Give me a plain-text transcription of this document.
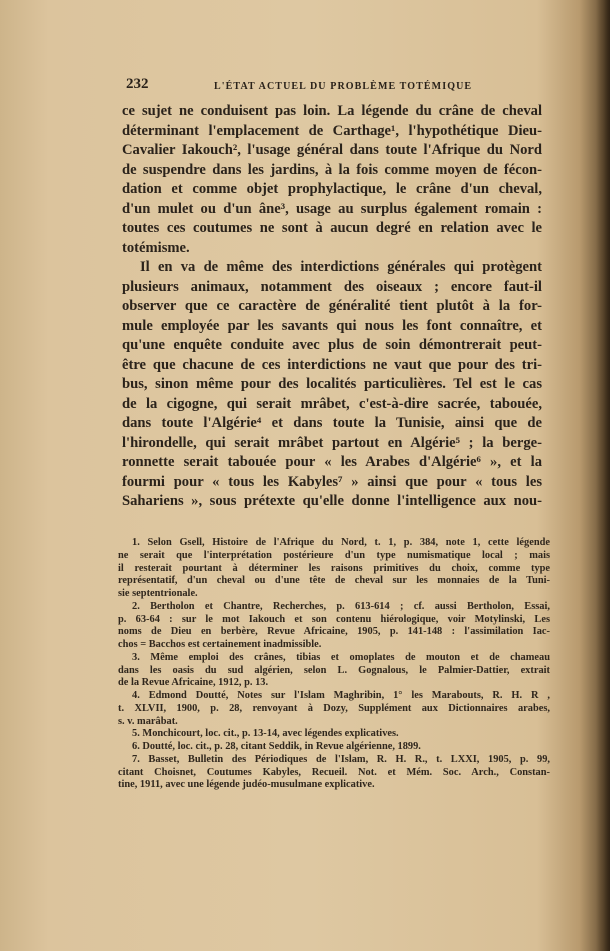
232	L'ÉTAT ACTUEL DU PROBLÈME TOTÉMIQUE
ce sujet ne conduisent pas loin. La légende du crâne de cheval
déterminant l'emplacement de Carthage¹, l'hypothétique Dieu-
Cavalier Iakouch², l'usage général dans toute l'Afrique du Nord
de suspendre dans les jardins, à la fois comme moyen de fécon-
dation et comme objet prophylactique, le crâne d'un cheval,
d'un mulet ou d'un âne³, usage au surplus également romain :
toutes ces coutumes ne sont à aucun degré en relation avec le
totémisme.
Il en va de même des interdictions générales qui protègent
plusieurs animaux, notamment des oiseaux ; encore faut-il
observer que ce caractère de généralité tient plutôt à la for-
mule employée par les savants qui nous les font connaître, et
qu'une enquête conduite avec plus de soin démontrerait peut-
être que chacune de ces interdictions ne vaut que pour des tri-
bus, sinon même pour des localités particulières. Tel est le cas
de la cigogne, qui serait mrâbet, c'est-à-dire sacrée, tabouée,
dans toute l'Algérie⁴ et dans toute la Tunisie, ainsi que de
l'hirondelle, qui serait mrâbet partout en Algérie⁵ ; la berge-
ronnette serait tabouée pour « les Arabes d'Algérie⁶ », et la
fourmi pour « tous les Kabyles⁷ » ainsi que pour « tous les
Sahariens », sous prétexte qu'elle donne l'intelligence aux nou-
1. Selon Gsell, Histoire de l'Afrique du Nord, t. 1, p. 384, note 1, cette légende
ne serait que l'interprétation postérieure d'un type numismatique local ; mais
il resterait pourtant à déterminer les raisons primitives du choix, comme type
représentatif, d'un cheval ou d'une tête de cheval sur les monnaies de la Tuni-
sie septentrionale.
2. Bertholon et Chantre, Recherches, p. 613-614 ; cf. aussi Bertholon, Essai,
p. 63-64 : sur le mot Iakouch et son contenu hiérologique, voir Motylinski, Les
noms de Dieu en berbère, Revue Africaine, 1905, p. 141-148 : l'assimilation Iac-
chos = Bacchos est certainement inadmissible.
3. Même emploi des crânes, tibias et omoplates de mouton et de chameau
dans les oasis du sud algérien, selon L. Gognalous, le Palmier-Dattier, extrait
de la Revue Africaine, 1912, p. 13.
4. Edmond Doutté, Notes sur l'Islam Maghribin, 1° les Marabouts, R. H. R ,
t. XLVII, 1900, p. 28, renvoyant à Dozy, Supplément aux Dictionnaires arabes,
s. v. marâbat.
5. Monchicourt, loc. cit., p. 13-14, avec légendes explicatives.
6. Doutté, loc. cit., p. 28, citant Seddik, in Revue algérienne, 1899.
7. Basset, Bulletin des Périodiques de l'Islam, R. H. R., t. LXXI, 1905, p. 99,
citant Choisnet, Coutumes Kabyles, Recueil. Not. et Mém. Soc. Arch., Constan-
tine, 1911, avec une légende judéo-musulmane explicative.
